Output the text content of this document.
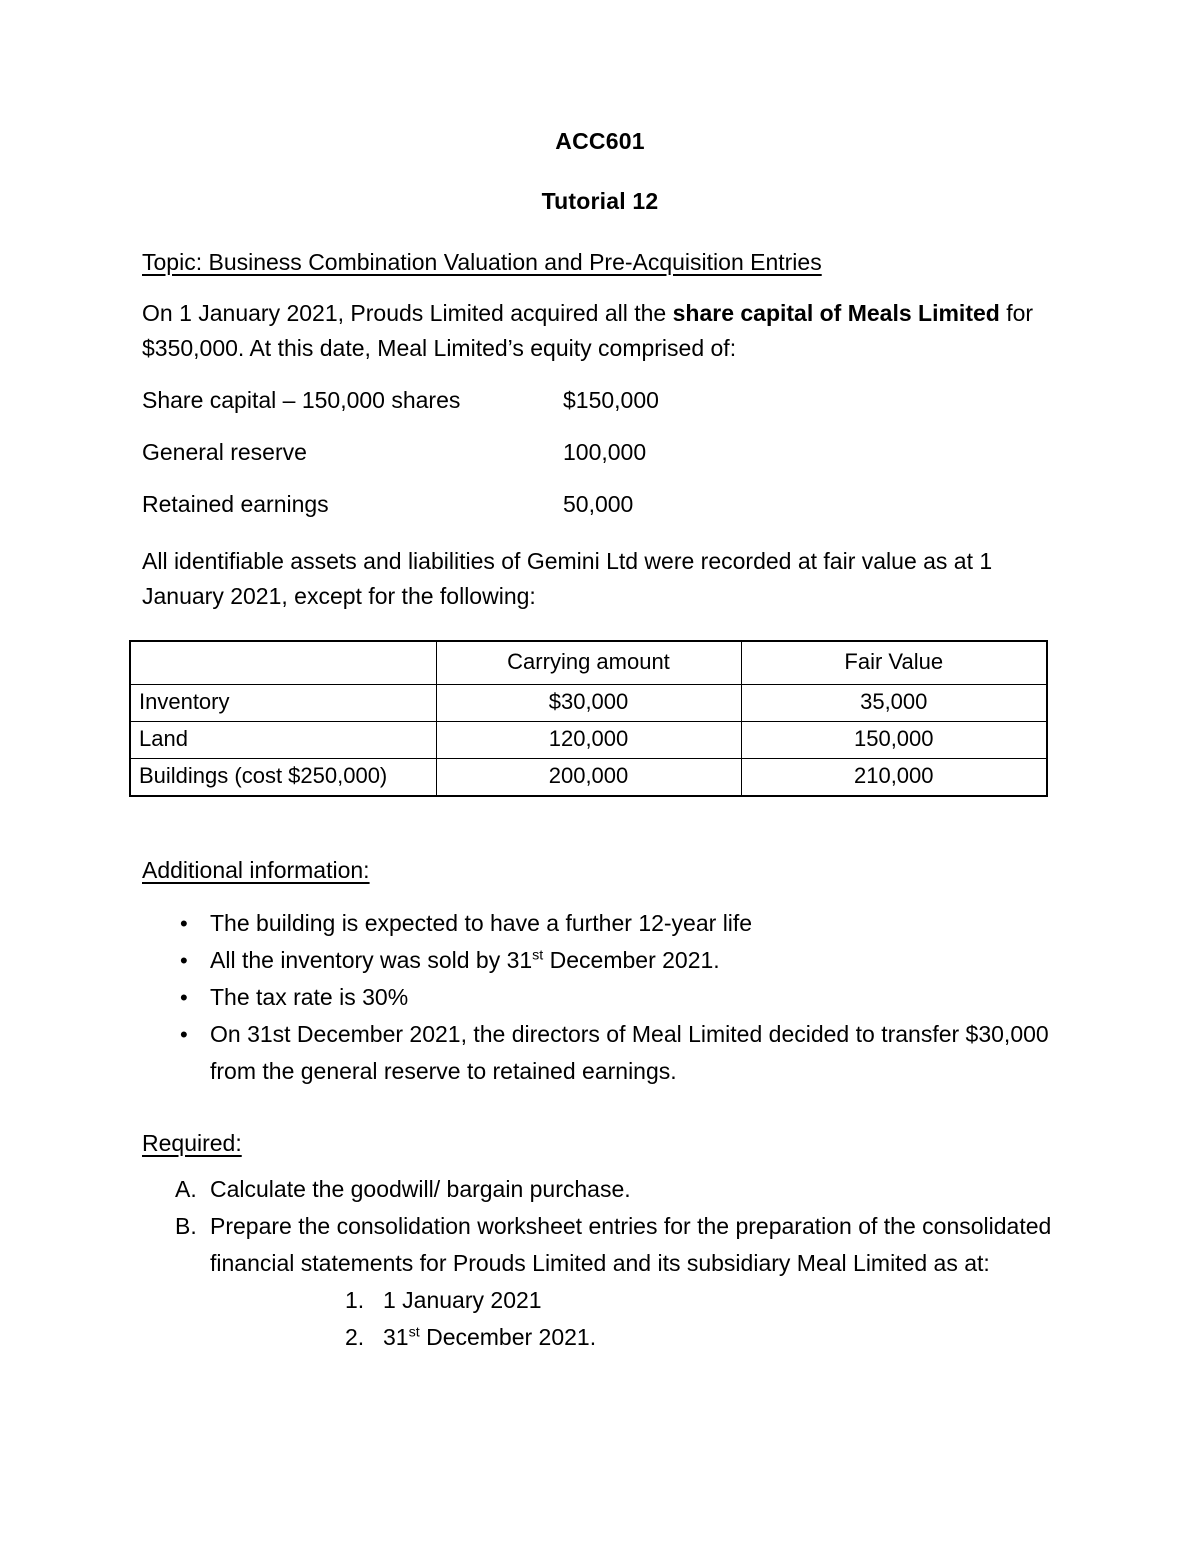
ACC601
Tutorial 12
Topic: Business Combination Valuation and Pre-Acquisition Entries

On 1 January 2021, Prouds Limited acquired all the share capital of Meals Limited for $350,000. At this date, Meal Limited’s equity comprised of:

Share capital – 150,000 shares	$150,000
General reserve	100,000
Retained earnings	50,000

All identifiable assets and liabilities of Gemini Ltd were recorded at fair value as at 1 January 2021, except for the following:

	Carrying amount	Fair Value
Inventory	$30,000	35,000
Land	120,000	150,000
Buildings (cost $250,000)	200,000	210,000
Additional information:
• The building is expected to have a further 12-year life
• All the inventory was sold by 31st December 2021.
• The tax rate is 30%
• On 31st December 2021, the directors of Meal Limited decided to transfer $30,000 from the general reserve to retained earnings.
Required:
Calculate the goodwill/ bargain purchase.
Prepare the consolidation worksheet entries for the preparation of the consolidated financial statements for Prouds Limited and its subsidiary Meal Limited as at:
1 January 2021
31st December 2021.
